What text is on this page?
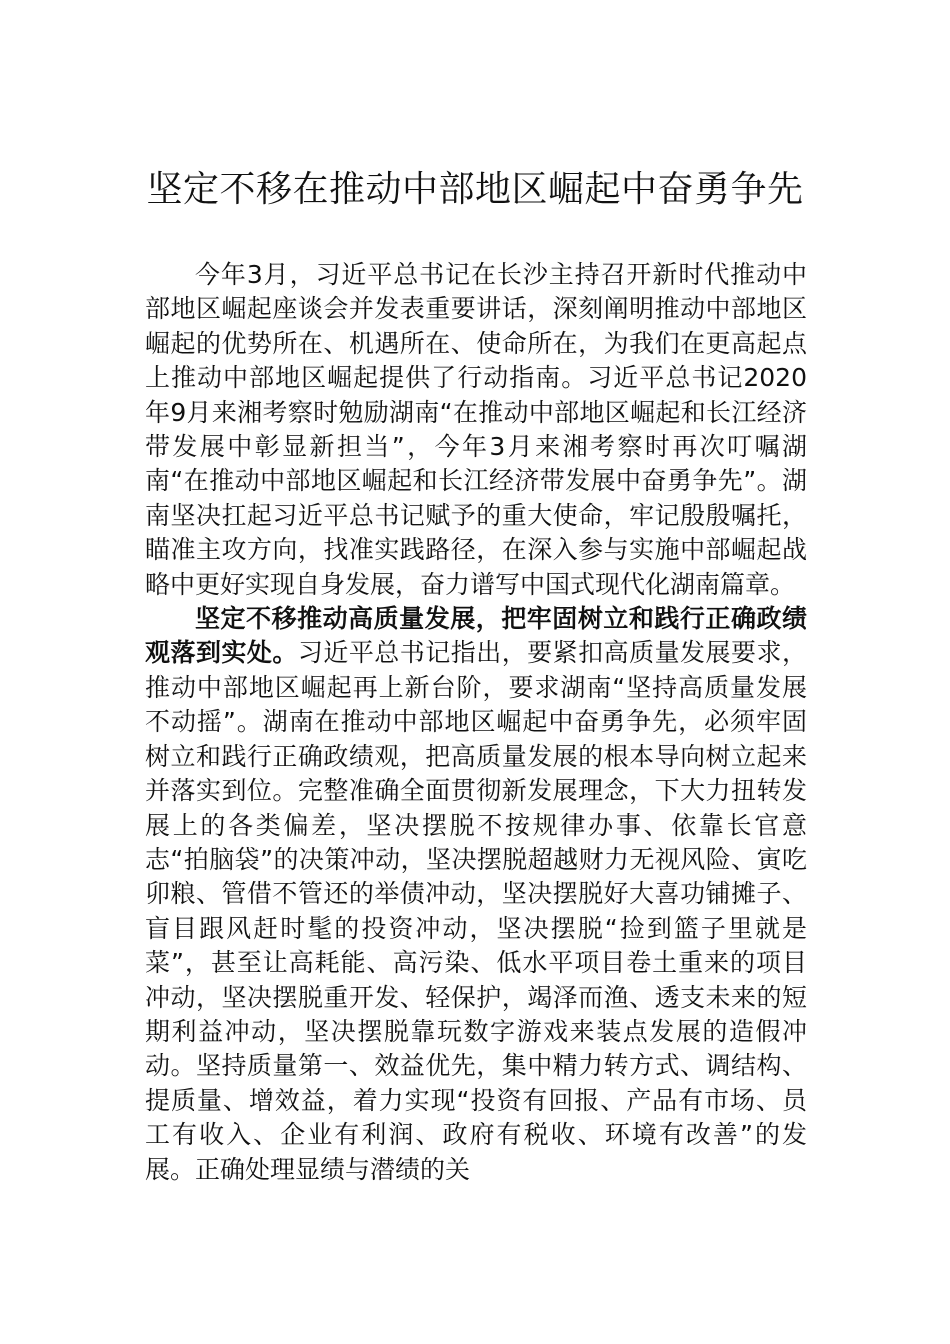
坚定不移在推动中部地区崛起中奋勇争先

今年3月，习近平总书记在长沙主持召开新时代推动中部地区崛起座谈会并发表重要讲话，深刻阐明推动中部地区崛起的优势所在、机遇所在、使命所在，为我们在更高起点上推动中部地区崛起提供了行动指南。习近平总书记2020年9月来湘考察时勉励湖南“在推动中部地区崛起和长江经济带发展中彰显新担当”，今年3月来湘考察时再次叮嘱湖南“在推动中部地区崛起和长江经济带发展中奋勇争先”。湖南坚决扛起习近平总书记赋予的重大使命，牢记殷殷嘱托，瞄准主攻方向，找准实践路径，在深入参与实施中部崛起战略中更好实现自身发展，奋力谱写中国式现代化湖南篇章。

坚定不移推动高质量发展，把牢固树立和践行正确政绩观落到实处。习近平总书记指出，要紧扣高质量发展要求，推动中部地区崛起再上新台阶，要求湖南“坚持高质量发展不动摇”。湖南在推动中部地区崛起中奋勇争先，必须牢固树立和践行正确政绩观，把高质量发展的根本导向树立起来并落实到位。完整准确全面贯彻新发展理念，下大力扭转发展上的各类偏差，坚决摆脱不按规律办事、依靠长官意志“拍脑袋”的决策冲动，坚决摆脱超越财力无视风险、寅吃卯粮、管借不管还的举债冲动，坚决摆脱好大喜功铺摊子、盲目跟风赶时髦的投资冲动，坚决摆脱“捡到篮子里就是菜”，甚至让高耗能、高污染、低水平项目卷土重来的项目冲动，坚决摆脱重开发、轻保护，竭泽而渔、透支未来的短期利益冲动，坚决摆脱靠玩数字游戏来装点发展的造假冲动。坚持质量第一、效益优先，集中精力转方式、调结构、提质量、增效益，着力实现“投资有回报、产品有市场、员工有收入、企业有利润、政府有税收、环境有改善”的发展。正确处理显绩与潜绩的关
